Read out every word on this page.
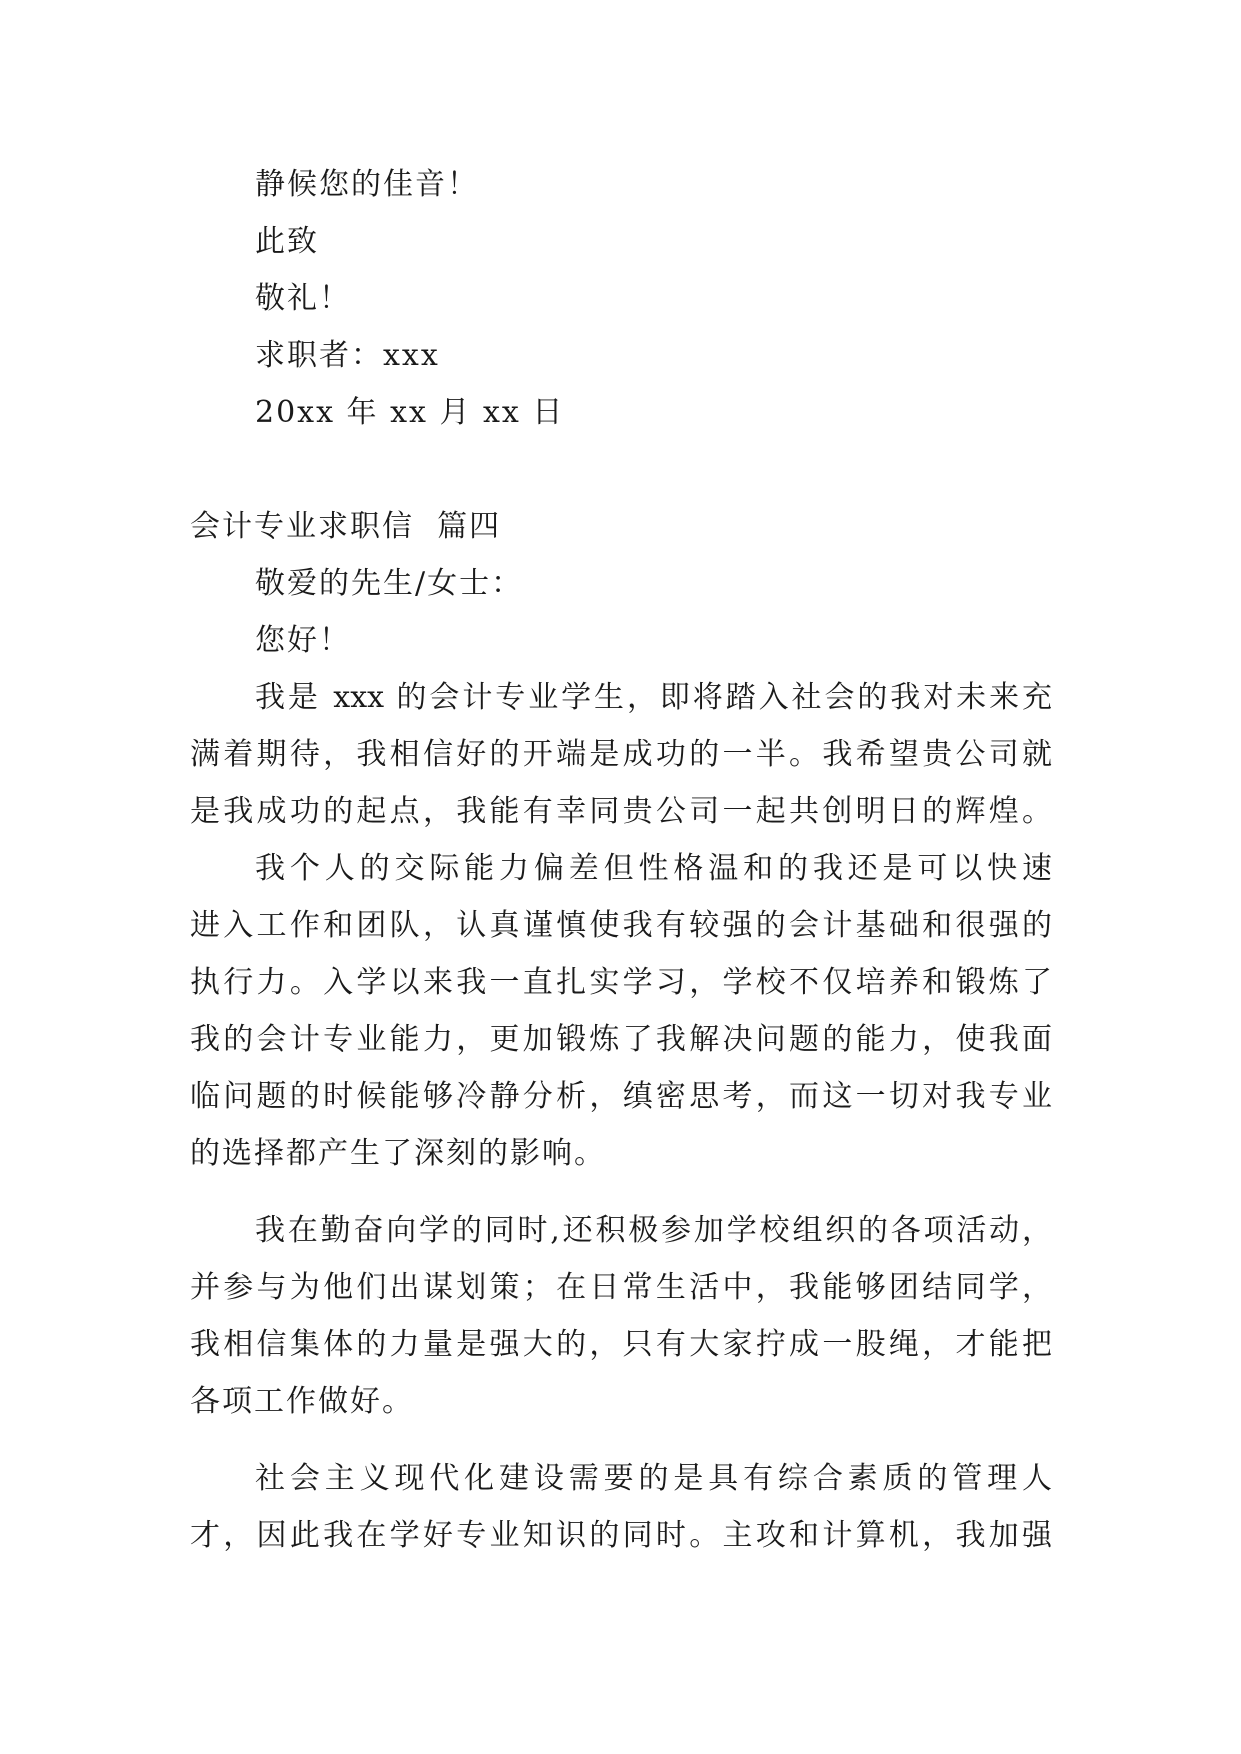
静候您的佳音！
此致
敬礼！
求职者：xxx
20xx 年 xx 月 xx 日
会计专业求职信  篇四
敬爱的先生/女士：
您好！
我是 xxx 的会计专业学生，即将踏入社会的我对未来充
满着期待，我相信好的开端是成功的一半。我希望贵公司就
是我成功的起点，我能有幸同贵公司一起共创明日的辉煌。
我个人的交际能力偏差但性格温和的我还是可以快速
进入工作和团队，认真谨慎使我有较强的会计基础和很强的
执行力。入学以来我一直扎实学习，学校不仅培养和锻炼了
我的会计专业能力，更加锻炼了我解决问题的能力，使我面
临问题的时候能够冷静分析，缜密思考，而这一切对我专业
的选择都产生了深刻的影响。
我在勤奋向学的同时,还积极参加学校组织的各项活动，
并参与为他们出谋划策；在日常生活中，我能够团结同学，
我相信集体的力量是强大的，只有大家拧成一股绳，才能把
各项工作做好。
社会主义现代化建设需要的是具有综合素质的管理人
才，因此我在学好专业知识的同时。主攻和计算机，我加强
